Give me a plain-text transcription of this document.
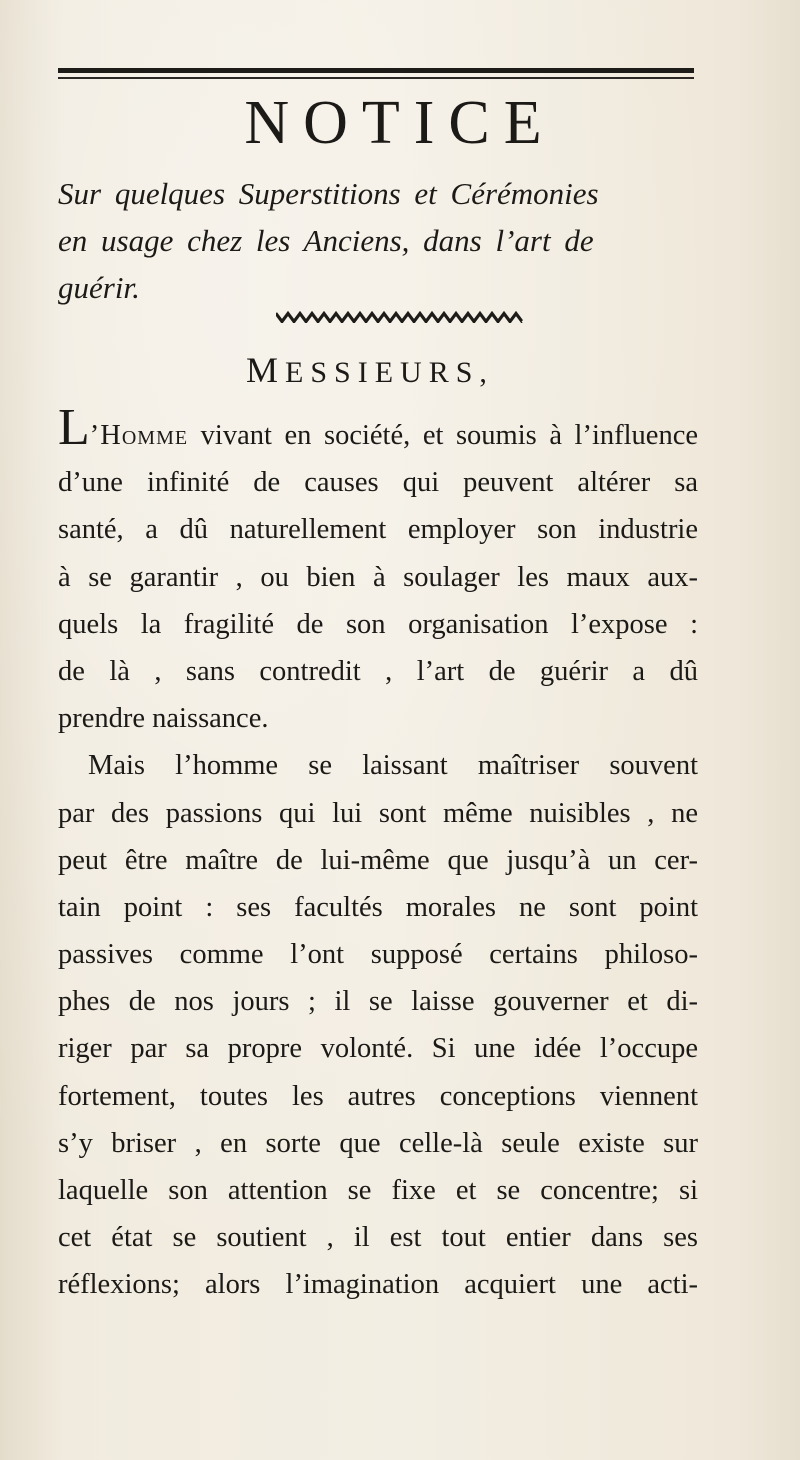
NOTICE
Sur quelques Superstitions et Cérémonies
en usage chez les Anciens, dans l’art de
guérir.
MESSIEURS,
L’Homme vivant en société, et soumis à l’influence
d’une infinité de causes qui peuvent altérer sa
santé, a dû naturellement employer son industrie
à se garantir , ou bien à soulager les maux aux-
quels la fragilité de son organisation l’expose :
de là , sans contredit , l’art de guérir a dû
prendre naissance.
Mais l’homme se laissant maîtriser souvent
par des passions qui lui sont même nuisibles , ne
peut être maître de lui-même que jusqu’à un cer-
tain point : ses facultés morales ne sont point
passives comme l’ont supposé certains philoso-
phes de nos jours ; il se laisse gouverner et di-
riger par sa propre volonté. Si une idée l’occupe
fortement, toutes les autres conceptions viennent
s’y briser , en sorte que celle-là seule existe sur
laquelle son attention se fixe et se concentre; si
cet état se soutient , il est tout entier dans ses
réflexions; alors l’imagination acquiert une acti-
